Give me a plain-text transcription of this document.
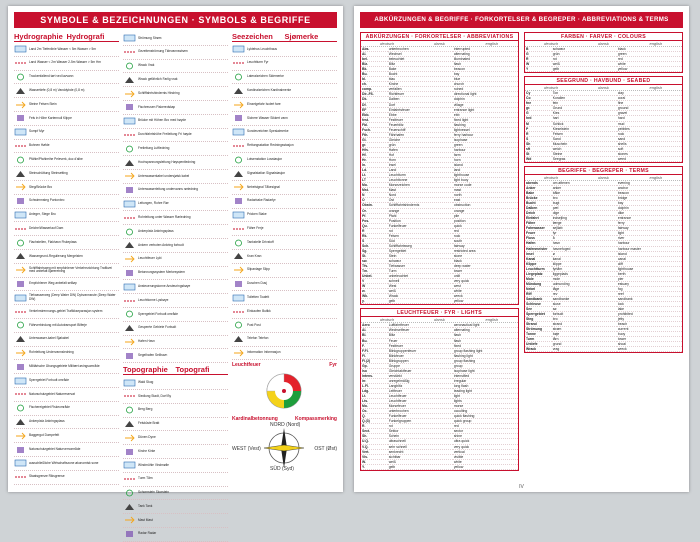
SYMBOLE & BEZEICHNUNGEN · SYMBOLS & BEGRIFFE
Hydrographie Hydrografi
Land 2m Tiefenlinie Wasser < 5m Wasser > 5m
Land Wasser < 2m Wasser 2-5m Wasser > 5m Hm
Trockenfallend tørt ved lavvann
Wassertiefe (0,8 m) Vanddybde (0,8 m)
Steine Felsen Stein
Fels in Höhe Kartennull Klippe
Sumpf Myr
Buhnen Høfde
Pfähle/Pfahlreihe Peleverk, duc d'albe
Steinschüttung Steinsetting
Steg/Brücke Bro
Schwimmsteg Pontonbro
Anleger, Stege Bro
Deiche/Wasserlauf Dam
Flachstellen, Flakhavn Fiskeplass
Wassergrund-Regulierung Mergelsten
Schifffahrtsweg mit empfohlener Verkehrsrichtung Trafikvei med anbefalt kjøreretning
Empfohlener Weg anbefalt seilløp
Tiefwasserweg (Deep Water DW) Dybvannsrute (Deep Water DW)
Verkehrstrennungs-gebiet Trafikkseparasjon system
Fährverbindung mit Autotransport Bilferje
Unterwasser-kabel Sjøkabel
Rohrleitung Undervannsledning
Militärische Übungsgebiete Militært øvingsområde
Sperrgebiet Forbudt område
Naturschutzgebiet Naturreservat
Fischereigebiet Fiskeområde
Ankerplatz Ankringsplass
Baggergut Dumpefelt
Naturschutzgebiet Naturvernområde
ausschließliche Wirtschaftszone økonomisk sone
Staatsgrenze Riksgrense
Strömung Strøm
Gezeitenströmung Tidevannsstrøm
Wrack Vrak
Wrack gefährlich Farlig vrak
Schifffahrtshindernis Hindring
Fischreusen Fiskeredskap
Brücke mit Höhen Bro med høyde
Durchfahrtshöhe Freileitung Fri høyde
Freileitung Luftledning
Hochspannungsleitung Høyspentledning
Unterwasserkabel undersjøisk kabel
Unterwasserleitung undervanns rørledning
Leitungen, Rohre Rør
Rohrleitung unter Wasser Rørledning
Ankerplatz Ankringsplass
Ankern verboten Ankring forbudt
Leuchtfeuer Lykt
Betonnungssystem Merkesystem
Ansteuerungstonne Ansteuringsbøye
Leuchttonne Lysbøye
Sperrgebiet Forbudt område
Gesperrte Gebiete Forbudt
Hafen Havn
Segelhafen Seilhavn
Topographie Topografi
Wald Skog
Siedlung Stadt, Dorf By
Berg Berg
Felsküste Bratt
Dünen Dyne
Kirche Kirke
Windmühle Vindmølle
Turm Tårn
Schornstein Skorstein
Tank Tank
Mast Mast
Radar Radar
Seezeichen Sjømerke
Lyktehus Leuchthaus
Leuchtturm Fyr
Lateralzeichen Sidemerke
Kardinalzeichen Kardinalmerke
Einzelgefahr Isolert fare
Sichere Wasser Sikkert vann
Sonderzeichen Spesialmerke
Rettungsstation Redningsstasjon
Lotsenstation Losstasjon
Signalstation Signalstasjon
Nebelsignal Tåkesignal
Radarbake Radarfyr
Pricken Stake
Fähre Ferje
Tankstelle Drivstoff
Kran Kran
Slipanlage Slipp
Duschen Dusj
Toiletten Toalett
Einkaufen Butikk
Post Post
Telefon Telefon
Information Informasjon
Leuchtfeuer	Fyr
Kardinalbetonnung	Kompassmerking
NORD (Nord)
WEST (Vest)	OST (Øst)
SÜD (Syd)
ABKÜRZUNGEN & BEGRIFFE · FORKORTELSER & BEGREPER · ABBREVIATIONS & TERMS
ABKÜRZUNGEN · FORKORTELSER · ABBREVIATIONS
deutsch	dansk	english
Abs.	unterbrochen	interrupted
Al.	Wechsel	alternating
bel.	beleuchtet	illuminated
Blz.	Blitz	flash
Bk.	Bake	beacon
Bu.	Bucht	bay
bl.	blau	blue
ch.	Kirche	church
comp.	verfallen	ruined
Dir.-Fß.	Richtfeuer	directional light
Dk.	Dalben	dolphin
Df.	Dorf	village
EF	Einfahrtsfeuer	entrance light
Ebb.	Ebbe	ebb
fest.	Festfeuer	fixed light
Fbl.	Feuerblitz	flashing
Fsch.	Feuerschiff	lightvessel
Fth.	Fährhafen	ferry harbour
Gl.	Gleiche	isophase
gr.	grün	green
Hfn.	Hafen	harbour
Hf.	Hof	farm
Hr.	Horn	horn
In.	Insel	island
Ld.	Land	land
Lt.	Leuchtturm	lighthouse
LT	Leuchttonne	light buoy
Mo.	Morsezeichen	morse code
Mst.	Mast	mast
N	Nord	north
O	Ost	east
Obstn.	Schifffahrtshindernis	obstruction
Or.	orange	orange
Pf.	Pfahl	pile
Pos.	Position	position
Qu.	Funkelfeuer	quick
R	rot	red
Rk.	Felsen	rock
S	Süd	south
Sch.	Schifffahrtsweg	fairway
Sg.	Sperrgebiet	restricted area
St.	Stein	stone
sw.	schwarz	black
Tfs.	Tiefwasser	deep water
Tm.	Turm	tower
Unbel.	unbeleuchtet	unlit
V	schnell	very quick
W	West	west
w.	weiß	white
Wk.	Wrack	wreck
y.	gelb	yellow
LEUCHTFEUER · FYR · LIGHTS
deutsch	dansk	english
Aero	Luftfahrtfeuer	aeronautical light
Al.	Wechselfeuer	alternating
Bl.	Blitz	flash
Bu.	Feuer	flash
F.	Festfeuer	fixed
F.Fl.	Blinkgruppenfeuer	group flashing light
Fl.	Blinkfeuer	flashing light
Fl.(2)	Blinkgruppen	group flashing
Gp.	Gruppe	group
Iso	Gleichtaktfeuer	isophase light
Intens.	verstärkt	intensified
Irr.	unregelmäßig	irregular
L.Fl.	Langblitz	long flash
Ldg.	Leitfeuer	leading light
Lt.	Leuchtfeuer	light
Lts.	Leuchtfeuer	lights
Mo.	Morsefeuer	morse
Oc.	unterbrochen	occulting
Q.	Funkelfeuer	quick flashing
Q.(3)	Funkelgruppen	quick group
R.	rot	red
Sect.	Sektor	sector
Sh.	Schein	shine
U.Q.	ultraschnell	ultra quick
V.Q.	sehr schnell	very quick
Vert.	senkrecht	vertical
Vis.	sichtbar	visible
W.	weiß	white
Y.	gelb	yellow
FARBEN · FARVER · COLOURS
deutsch	dansk	english
B	schwarz	black
G	grün	green
R	rot	red
W	weiß	white
Y	gelb	yellow
SEEGRUND · HAVBUND · SEABED
deutsch	dansk	english
Cy	Ton	clay
Co	Korallen	coral
fne	fein	fine
gr.	Grund	ground
G	Kies	gravel
hrd	hart	hard
M	Schlick	mud
P	Kieselstein	pebbles
R	Felsen	rock
S	Sand	sand
Sh	Muscheln	shells
sft	weich	soft
St	Steine	stones
Wd	Seegras	weed
BEGRIFFE · BEGREPER · TERMS
deutsch	dansk	english
abends	om aftenen	evening
Anker	anker	anchor
Bake	båke	beacon
Brücke	bro	bridge
Bucht	bugt	bay
Dalben	pæl	dolphin
Deich	dige	dike
Einfahrt	indsejling	entrance
Fähre	færge	ferry
Fahrwasser	sejlløb	fairway
Feuer	fyr	light
Fluss	å	river
Hafen	havn	harbour
Hafenmeister	havnefoged	harbour master
Insel	ø	island
Kanal	kanal	canal
Klippe	klippe	cliff
Leuchtturm	fyrtårn	lighthouse
Liegeplatz	liggeplads	berth
Mole	mole	pier
Mündung	udmunding	estuary
Nebel	tåge	fog
Riff	rev	reef
Sandbank	sandbanke	sandbank
Schleuse	sluse	lock
See	sø	lake
Sperrgebiet	forbudt	prohibited
Steg	bro	jetty
Strand	strand	beach
Strömung	strøm	current
Tonne	bøje	buoy
Turm	tårn	tower
Untiefe	grund	shoal
Wrack	vrag	wreck
IV
